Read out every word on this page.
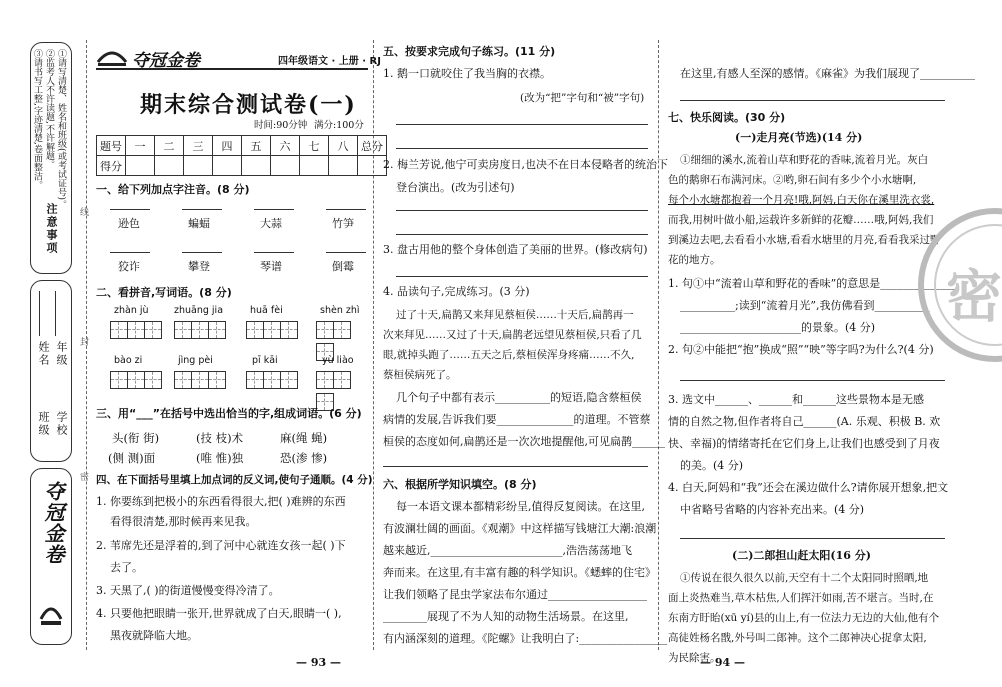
注意事项
①请写清楚、姓名和班级(或考试证号)。
②监考人不许读题,不许解题。
③请书写工整,字迹清楚,卷面整洁。
年级
姓名
学校
班级
夺冠金卷
线
封
密
夺冠金卷	四年级语文 · 上册 · RJ
期末综合测试卷(一)
时间:90分钟 满分:100分
题号	一	二	三	四	五	六	七	八	总分
得分									
一、给下列加点字注音。(8 分)
逊色	蝙蝠	大蒜	竹笋
狡诈	攀登	琴谱	倒霉
二、看拼音,写词语。(8 分)
zhàn jù	zhuāng jia	huā fèi	shèn zhì
bào zi	jìng pèi	pī kāi	yù liào
三、用“___”在括号中选出恰当的字,组成词语。(6 分)
头(衔 街)	(技 枝)术	麻(绳 蝇)
(侧 测)面	(唯 惟)独	恐(渗 惨)
四、在下面括号里填上加点词的反义词,使句子通顺。(4 分)
1. 你要练到把极小的东西看得很大,把( )难辨的东西
看得很清楚,那时候再来见我。
2. 苇席先还是浮着的,到了河中心就连女孩一起( )下
去了。
3. 天黑了,( )的街道慢慢变得冷清了。
4. 只要他把眼睛一张开,世界就成了白天,眼睛一( ),
黑夜就降临大地。
五、按要求完成句子练习。(11 分)
1. 鹅一口就咬住了我当胸的衣襟。
(改为“把”字句和“被”字句)
2. 梅兰芳说,他宁可卖房度日,也决不在日本侵略者的统治下
登台演出。(改为引述句)
3. 盘古用他的整个身体创造了美丽的世界。(修改病句)
4. 品读句子,完成练习。(3 分)
过了十天,扁鹊又来拜见蔡桓侯……十天后,扁鹊再一
次来拜见……又过了十天,扁鹊老远望见蔡桓侯,只看了几
眼,就掉头跑了……五天之后,蔡桓侯浑身疼痛……不久,
蔡桓侯病死了。
几个句子中都有表示__________的短语,隐含蔡桓侯
病情的发展,告诉我们要______________的道理。不管蔡
桓侯的态度如何,扁鹊还是一次次地提醒他,可见扁鹊______
六、根据所学知识填空。(8 分)
每一本语文课本都精彩纷呈,值得反复阅读。在这里,
有波澜壮阔的画面。《观潮》中这样描写钱塘江大潮:浪潮
越来越近,________________________,浩浩荡荡地飞
奔而来。在这里,有丰富有趣的科学知识。《蟋蟀的住宅》
让我们领略了昆虫学家法布尔通过__________________
________展现了不为人知的动物生活场景。在这里,
有内涵深刻的道理。《陀螺》让我明白了:________________
— 93 —
在这里,有感人至深的感情。《麻雀》为我们展现了__________
七、快乐阅读。(30 分)
(一)走月亮(节选)(14 分)
①细细的溪水,流着山草和野花的香味,流着月光。灰白
色的鹅卵石布满河床。②哟,卵石间有多少个小水塘啊,
每个小水塘都抱着一个月亮!哦,阿妈,白天你在溪里洗衣裳,
而我,用树叶做小船,运载许多新鲜的花瓣……哦,阿妈,我们
到溪边去吧,去看看小水塘,看看水塘里的月亮,看看我采过野
花的地方。
1. 句①中“流着山草和野花的香味”的意思是______________
__________;读到“流着月光”,我仿佛看到__________
______________________的景象。(4 分)
2. 句②中能把“抱”换成“照”“映”等字吗?为什么?(4 分)
3. 选文中______、______和______这些景物本是无感
情的自然之物,但作者将自己______(A. 乐观、积极 B. 欢
快、幸福)的情绪寄托在它们身上,让我们也感受到了月夜
的美。(4 分)
4. 白天,阿妈和“我”还会在溪边做什么?请你展开想象,把文
中省略号省略的内容补充出来。(4 分)
(二)二郎担山赶太阳(16 分)
①传说在很久很久以前,天空有十二个太阳同时照晒,地
面上炎热难当,草木枯焦,人们挥汗如雨,苦不堪言。当时,在
东南方盱眙(xū yí)县的山上,有一位法力无边的大仙,他有个
高徒姓杨名戬,外号叫二郎神。这个二郎神决心捉拿太阳,
为民除害。
— 94 —
密
